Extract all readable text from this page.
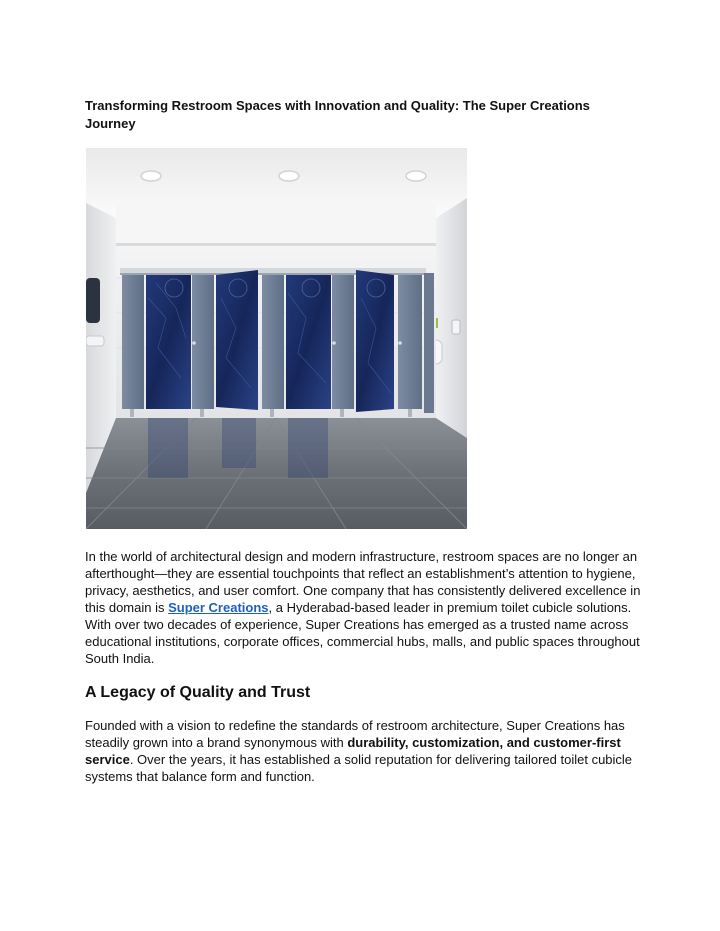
Transforming Restroom Spaces with Innovation and Quality: The Super Creations Journey

In the world of architectural design and modern infrastructure, restroom spaces are no longer an afterthought—they are essential touchpoints that reflect an establishment’s attention to hygiene, privacy, aesthetics, and user comfort. One company that has consistently delivered excellence in this domain is Super Creations, a Hyderabad-based leader in premium toilet cubicle solutions. With over two decades of experience, Super Creations has emerged as a trusted name across educational institutions, corporate offices, commercial hubs, malls, and public spaces throughout South India.

A Legacy of Quality and Trust

Founded with a vision to redefine the standards of restroom architecture, Super Creations has steadily grown into a brand synonymous with durability, customization, and customer-first service. Over the years, it has established a solid reputation for delivering tailored toilet cubicle systems that balance form and function.
